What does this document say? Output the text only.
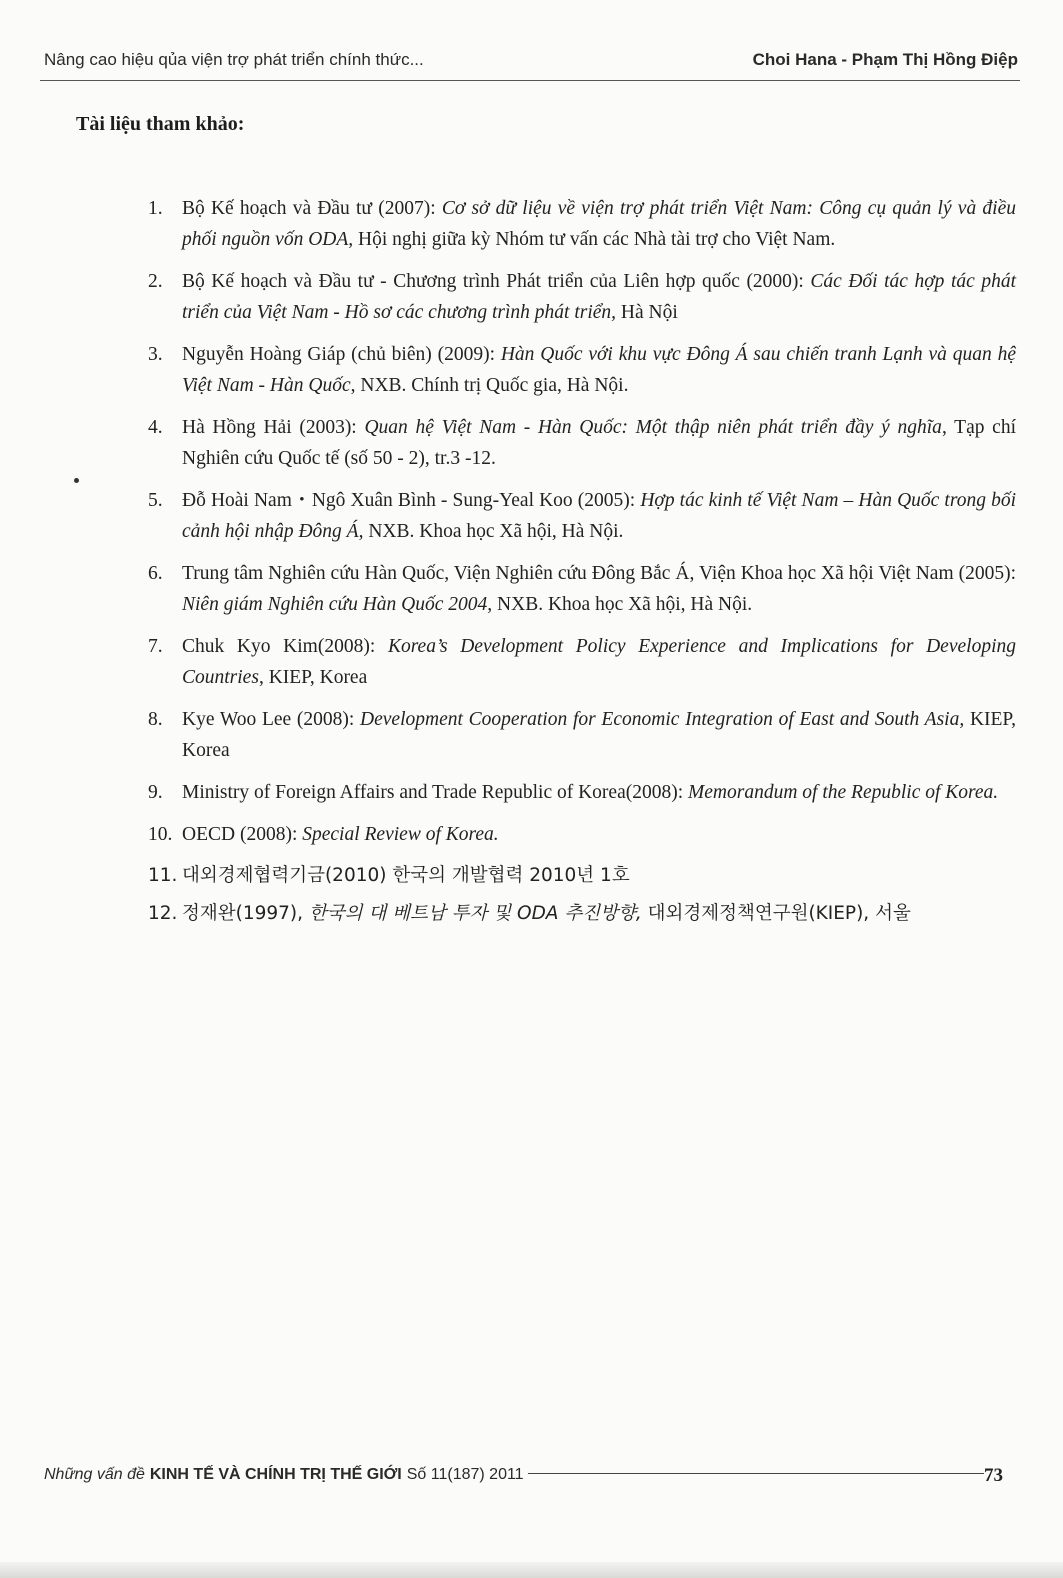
Nâng cao hiệu qủa viện trợ phát triển chính thức...	Choi Hana - Phạm Thị Hồng Điệp
Tài liệu tham khảo:
1. Bộ Kế hoạch và Đầu tư (2007): Cơ sở dữ liệu về viện trợ phát triển Việt Nam: Công cụ quản lý và điều phối nguồn vốn ODA, Hội nghị giữa kỳ Nhóm tư vấn các Nhà tài trợ cho Việt Nam.
2. Bộ Kế hoạch và Đầu tư - Chương trình Phát triển của Liên hợp quốc (2000): Các Đối tác hợp tác phát triển của Việt Nam - Hồ sơ các chương trình phát triển, Hà Nội
3. Nguyễn Hoàng Giáp (chủ biên) (2009): Hàn Quốc với khu vực Đông Á sau chiến tranh Lạnh và quan hệ Việt Nam - Hàn Quốc, NXB. Chính trị Quốc gia, Hà Nội.
4. Hà Hồng Hải (2003): Quan hệ Việt Nam - Hàn Quốc: Một thập niên phát triển đầy ý nghĩa, Tạp chí Nghiên cứu Quốc tế (số 50 - 2), tr.3 -12.
5. Đỗ Hoài Nam・Ngô Xuân Bình - Sung-Yeal Koo (2005): Hợp tác kinh tế Việt Nam – Hàn Quốc trong bối cảnh hội nhập Đông Á, NXB. Khoa học Xã hội, Hà Nội.
6. Trung tâm Nghiên cứu Hàn Quốc, Viện Nghiên cứu Đông Bắc Á, Viện Khoa học Xã hội Việt Nam (2005): Niên giám Nghiên cứu Hàn Quốc 2004, NXB. Khoa học Xã hội, Hà Nội.
7. Chuk Kyo Kim(2008): Korea’s Development Policy Experience and Implications for Developing Countries, KIEP, Korea
8. Kye Woo Lee (2008): Development Cooperation for Economic Integration of East and South Asia, KIEP, Korea
9. Ministry of Foreign Affairs and Trade Republic of Korea(2008): Memorandum of the Republic of Korea.
10. OECD (2008): Special Review of Korea.
11. 대외경제협력기금(2010) 한국의 개발협력 2010년 1호
12. 정재완(1997), 한국의 대 베트남 투자 및 ODA 추진방향, 대외경제정책연구원(KIEP), 서울
Những vấn đề KINH TẾ VÀ CHÍNH TRỊ THẾ GIỚI Số 11(187) 2011	73
